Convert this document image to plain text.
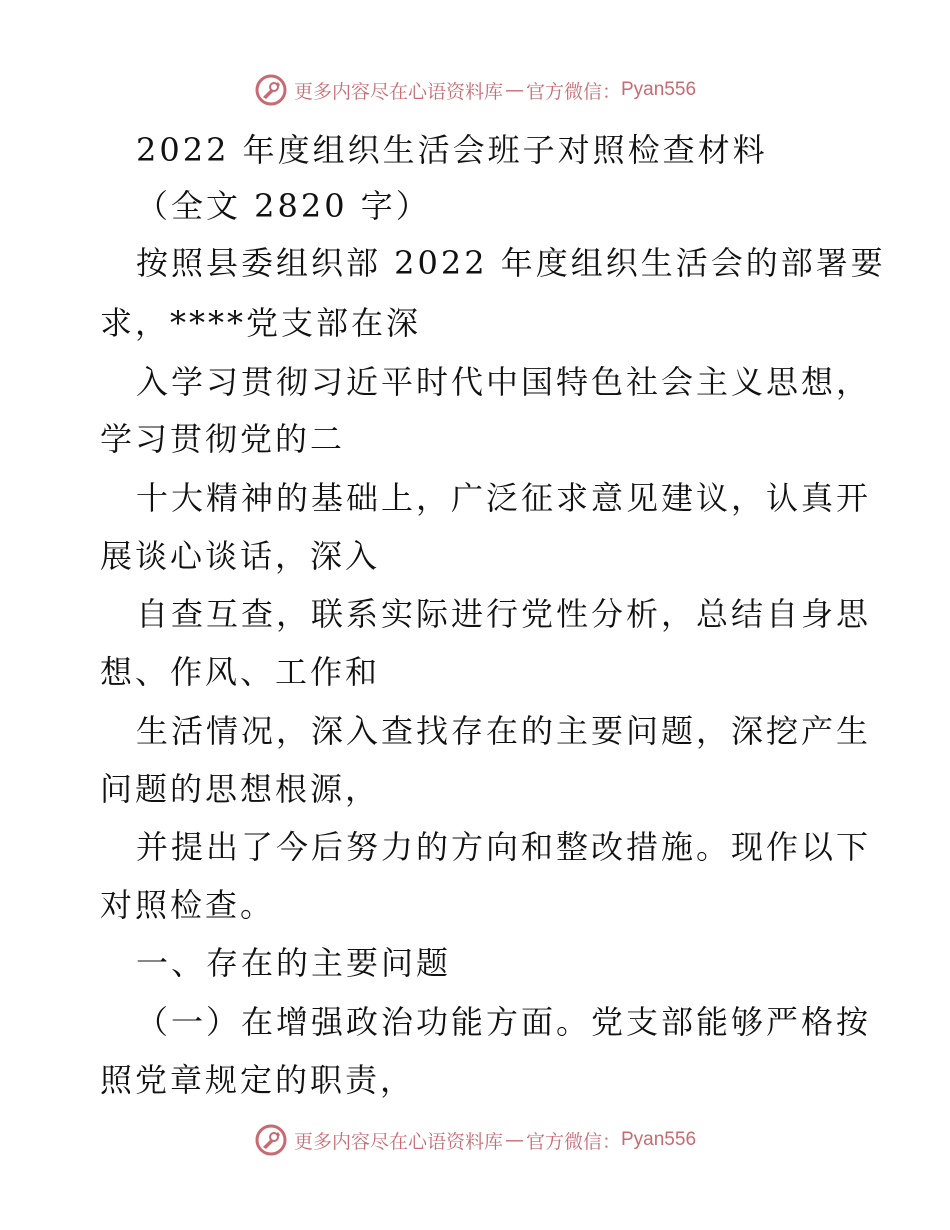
更多内容尽在心语资料库 — 官方微信： Pyan556
2022 年度组织生活会班子对照检查材料
（全文 2820 字）
按照县委组织部 2022 年度组织生活会的部署要
求，****党支部在深
入学习贯彻习近平时代中国特色社会主义思想，
学习贯彻党的二
十大精神的基础上，广泛征求意见建议，认真开
展谈心谈话，深入
自查互查，联系实际进行党性分析，总结自身思
想、作风、工作和
生活情况，深入查找存在的主要问题，深挖产生
问题的思想根源，
并提出了今后努力的方向和整改措施。现作以下
对照检查。
一、存在的主要问题
（一）在增强政治功能方面。党支部能够严格按
照党章规定的职责，
更多内容尽在心语资料库 — 官方微信： Pyan556
